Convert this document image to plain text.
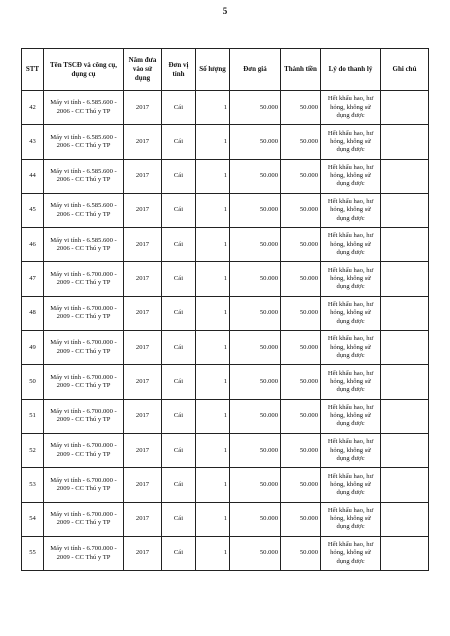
5
STT	Tên TSCĐ và công cụ, dụng cụ	Năm đưa vào sử dụng	Đơn vị tính	Số lượng	Đơn giá	Thành tiền	Lý do thanh lý	Ghi chú
42	Máy vi tính - 6.585.600 - 2006 - CC Thú y TP	2017	Cái	1	50.000	50.000	Hết khấu hao, hư hỏng, không sử dụng được	
43	Máy vi tính - 6.585.600 - 2006 - CC Thú y TP	2017	Cái	1	50.000	50.000	Hết khấu hao, hư hỏng, không sử dụng được	
44	Máy vi tính - 6.585.600 - 2006 - CC Thú y TP	2017	Cái	1	50.000	50.000	Hết khấu hao, hư hỏng, không sử dụng được	
45	Máy vi tính - 6.585.600 - 2006 - CC Thú y TP	2017	Cái	1	50.000	50.000	Hết khấu hao, hư hỏng, không sử dụng được	
46	Máy vi tính - 6.585.600 - 2006 - CC Thú y TP	2017	Cái	1	50.000	50.000	Hết khấu hao, hư hỏng, không sử dụng được	
47	Máy vi tính - 6.700.000 - 2009 - CC Thú y TP	2017	Cái	1	50.000	50.000	Hết khấu hao, hư hỏng, không sử dụng được	
48	Máy vi tính - 6.700.000 - 2009 - CC Thú y TP	2017	Cái	1	50.000	50.000	Hết khấu hao, hư hỏng, không sử dụng được	
49	Máy vi tính - 6.700.000 - 2009 - CC Thú y TP	2017	Cái	1	50.000	50.000	Hết khấu hao, hư hỏng, không sử dụng được	
50	Máy vi tính - 6.700.000 - 2009 - CC Thú y TP	2017	Cái	1	50.000	50.000	Hết khấu hao, hư hỏng, không sử dụng được	
51	Máy vi tính - 6.700.000 - 2009 - CC Thú y TP	2017	Cái	1	50.000	50.000	Hết khấu hao, hư hỏng, không sử dụng được	
52	Máy vi tính - 6.700.000 - 2009 - CC Thú y TP	2017	Cái	1	50.000	50.000	Hết khấu hao, hư hỏng, không sử dụng được	
53	Máy vi tính - 6.700.000 - 2009 - CC Thú y TP	2017	Cái	1	50.000	50.000	Hết khấu hao, hư hỏng, không sử dụng được	
54	Máy vi tính - 6.700.000 - 2009 - CC Thú y TP	2017	Cái	1	50.000	50.000	Hết khấu hao, hư hỏng, không sử dụng được	
55	Máy vi tính - 6.700.000 - 2009 - CC Thú y TP	2017	Cái	1	50.000	50.000	Hết khấu hao, hư hỏng, không sử dụng được	
